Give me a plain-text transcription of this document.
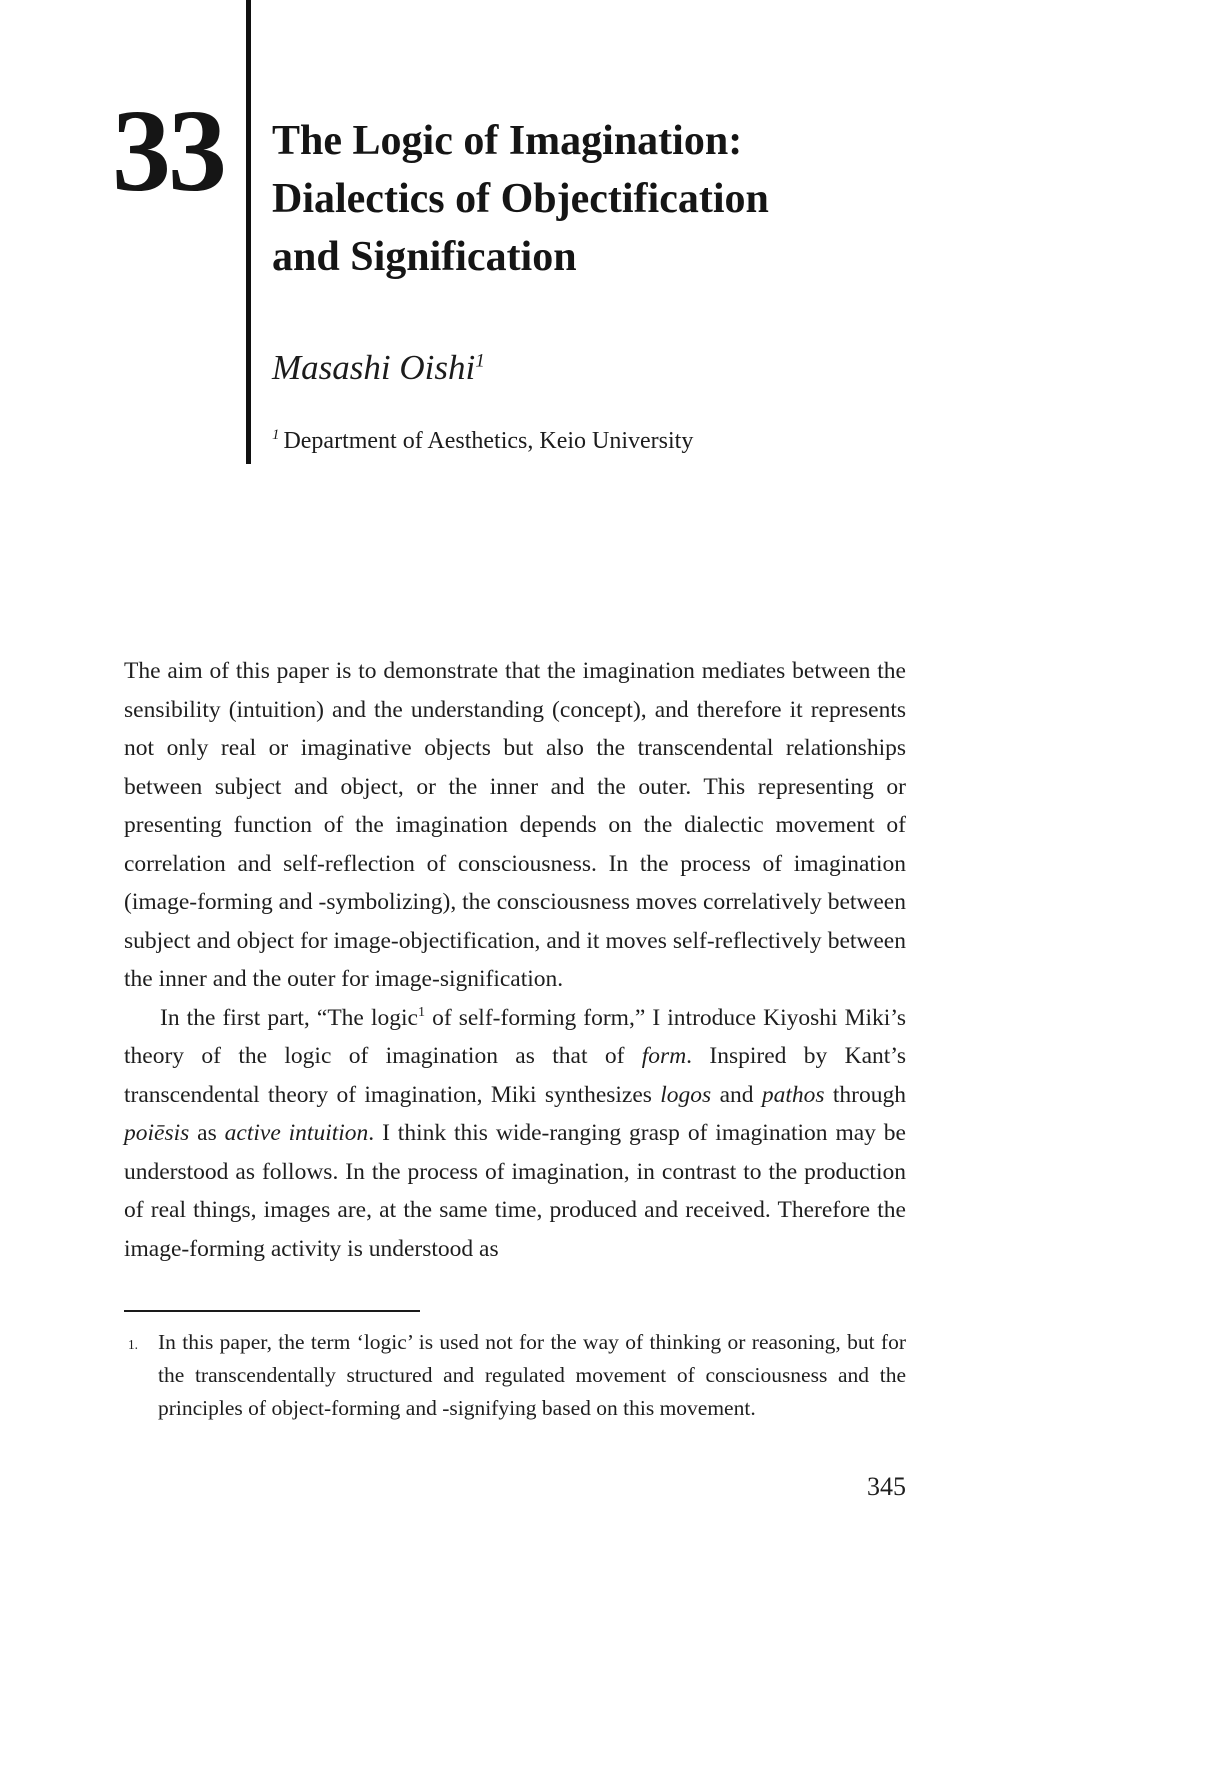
33 The Logic of Imagination:
Dialectics of Objectification
and Signification
Masashi Oishi$^1$
$^1$ Department of Aesthetics, Keio University

The aim of this paper is to demonstrate that the imagination mediates between the sensibility (intuition) and the understanding (concept), and therefore it represents not only real or imaginative objects but also the transcendental relationships between subject and object, or the inner and the outer. This representing or presenting function of the imagination depends on the dialectic movement of correlation and self-reflection of consciousness. In the process of imagination (image-forming and -symbolizing), the consciousness moves correlatively between subject and object for image-objectification, and it moves self-reflectively between the inner and the outer for image-signification.

In the first part, “The logic$^1$ of self-forming form,” I introduce Kiyoshi Miki’s theory of the logic of imagination as that of form. Inspired by Kant’s transcendental theory of imagination, Miki synthesizes logos and pathos through poiēsis as active intuition. I think this wide-ranging grasp of imagination may be understood as follows. In the process of imagination, in contrast to the production of real things, images are, at the same time, produced and received. Therefore the image-forming activity is understood as

1. In this paper, the term ‘logic’ is used not for the way of thinking or reasoning, but for the transcendentally structured and regulated movement of consciousness and the principles of object-forming and -signifying based on this movement.
345
